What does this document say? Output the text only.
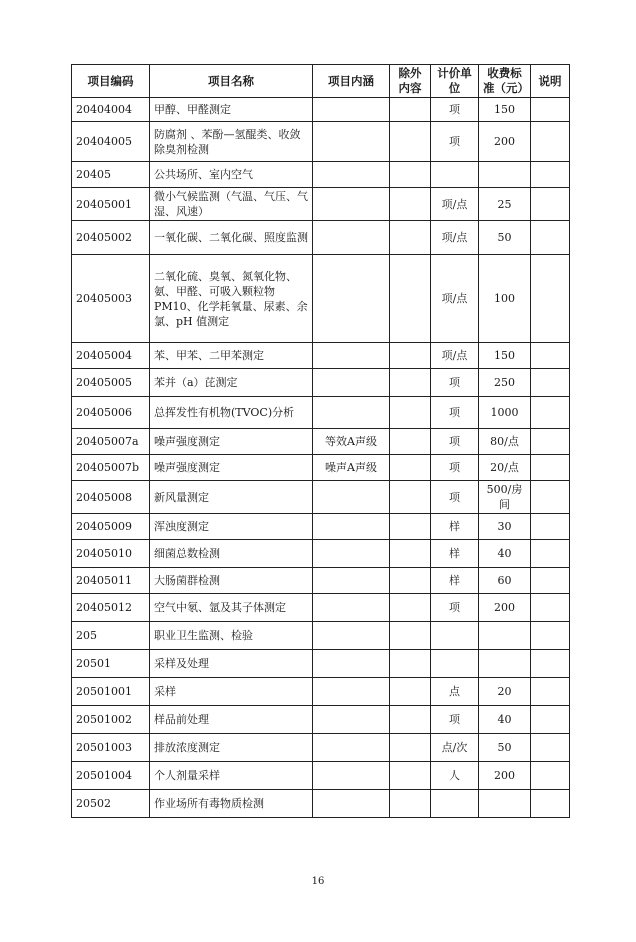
项目编码	项目名称	项目内涵	除外内容	计价单位	收费标准（元）	说明
20404004	甲醇、甲醛测定			项	150	
20404005	防腐剂 、苯酚—氢醌类、收敛除臭剂检测			项	200	
20405	公共场所、室内空气					
20405001	微小气候监测（气温、气压、气湿、风速）			项/点	25	
20405002	一氧化碳、二氧化碳、照度监测			项/点	50	
20405003	二氧化硫、臭氧、氮氧化物、氨、甲醛、可吸入颗粒物 PM10、化学耗氧量、尿素、余氯、pH 值测定			项/点	100	
20405004	苯、甲苯、二甲苯测定			项/点	150	
20405005	苯并（a）芘测定			项	250	
20405006	总挥发性有机物(TVOC)分析			项	1000	
20405007a	噪声强度测定	等效A声级		项	80/点	
20405007b	噪声强度测定	噪声A声级		项	20/点	
20405008	新风量测定			项	500/房间	
20405009	浑浊度测定			样	30	
20405010	细菌总数检测			样	40	
20405011	大肠菌群检测			样	60	
20405012	空气中氡、氩及其子体测定			项	200	
205	职业卫生监测、检验					
20501	采样及处理					
20501001	采样			点	20	
20501002	样品前处理			项	40	
20501003	排放浓度测定			点/次	50	
20501004	个人剂量采样			人	200	
20502	作业场所有毒物质检测					
16
